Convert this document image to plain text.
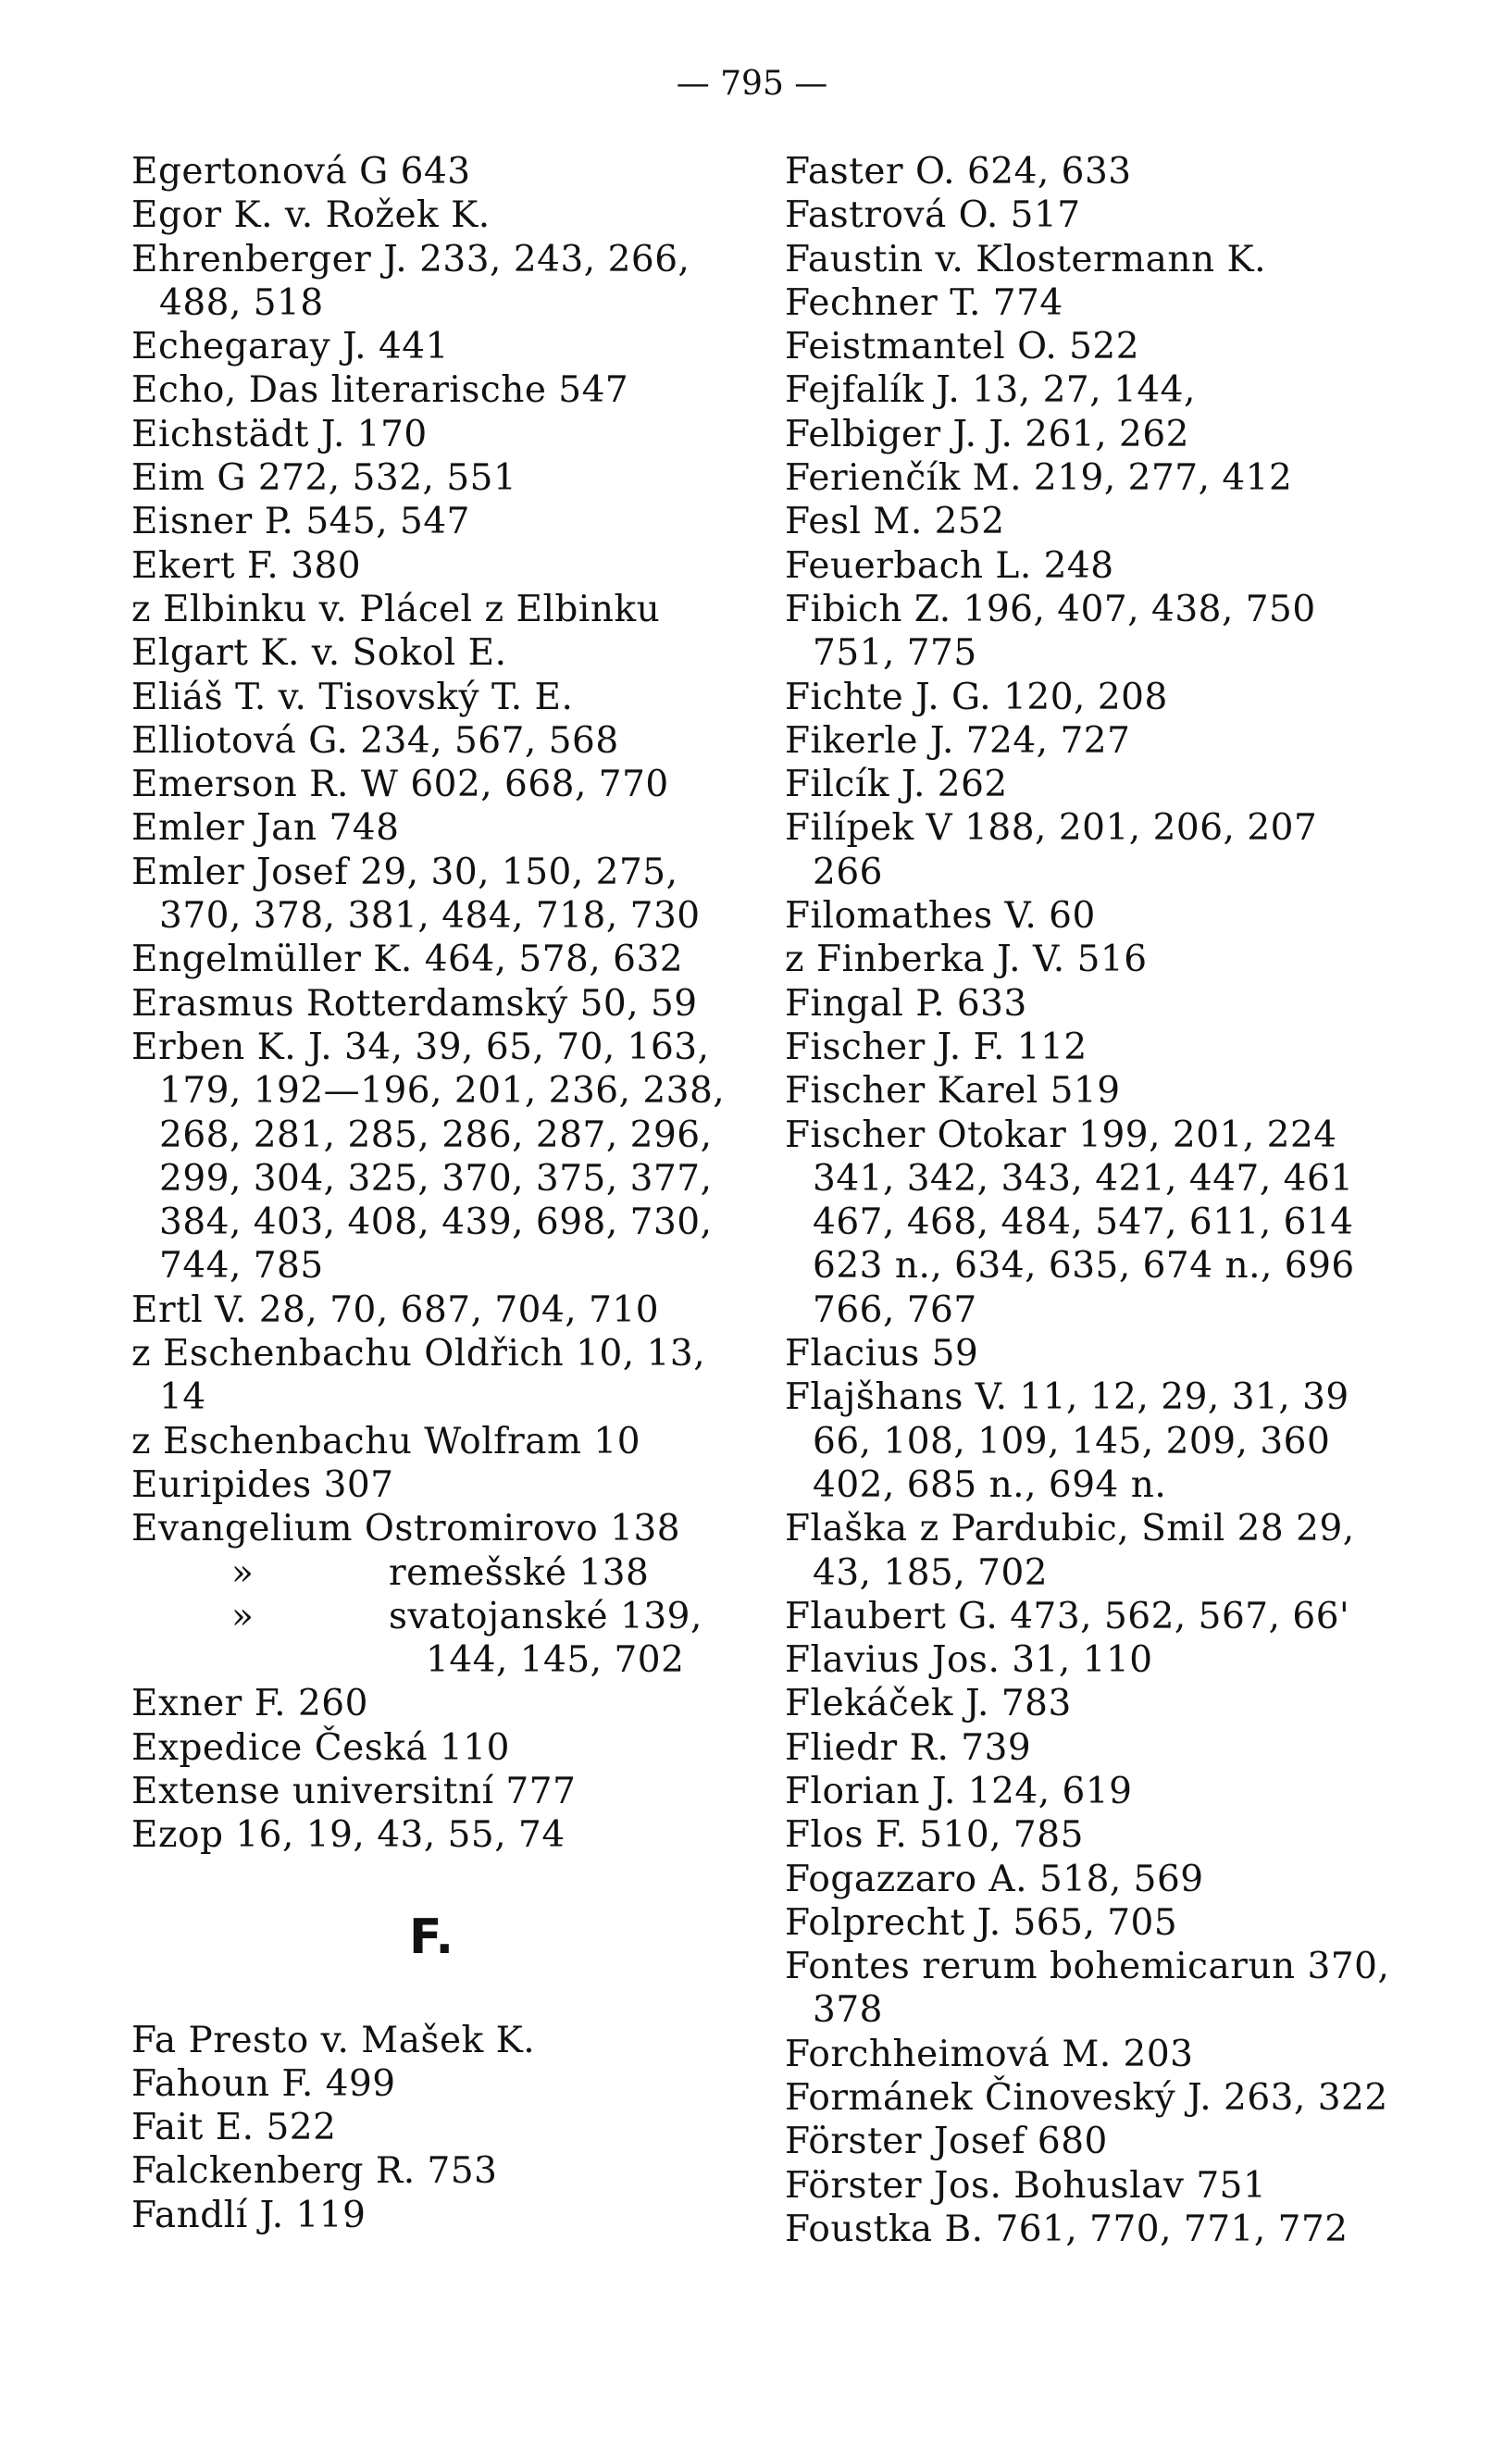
— 795 —
Egertonová G 643
Egor K. v. Rožek K.
Ehrenberger J. 233, 243, 266, 488, 518
Echegaray J. 441
Echo, Das literarische 547
Eichstädt J. 170
Eim G 272, 532, 551
Eisner P. 545, 547
Ekert F. 380
z Elbinku v. Plácel z Elbinku
Elgart K. v. Sokol E.
Eliáš T. v. Tisovský T. E.
Elliotová G. 234, 567, 568
Emerson R. W 602, 668, 770
Emler Jan 748
Emler Josef 29, 30, 150, 275, 370, 378, 381, 484, 718, 730
Engelmüller K. 464, 578, 632
Erasmus Rotterdamský 50, 59
Erben K. J. 34, 39, 65, 70, 163, 179, 192—196, 201, 236, 238, 268, 281, 285, 286, 287, 296, 299, 304, 325, 370, 375, 377, 384, 403, 408, 439, 698, 730, 744, 785
Ertl V. 28, 70, 687, 704, 710
z Eschenbachu Oldřich 10, 13, 14
z Eschenbachu Wolfram 10
Euripides 307
Evangelium Ostromirovo 138
»	remešské 138
»	svatojanské 139,
144, 145, 702
Exner F. 260
Expedice Česká 110
Extense universitní 777
Ezop 16, 19, 43, 55, 74
F.
Fa Presto v. Mašek K.
Fahoun F. 499
Fait E. 522
Falckenberg R. 753
Fandlí J. 119
Faster O. 624, 633
Fastrová O. 517
Faustin v. Klostermann K.
Fechner T. 774
Feistmantel O. 522
Fejfalík J. 13, 27, 144,
Felbiger J. J. 261, 262
Ferienčík M. 219, 277, 412
Fesl M. 252
Feuerbach L. 248
Fibich Z. 196, 407, 438, 750 751, 775
Fichte J. G. 120, 208
Fikerle J. 724, 727
Filcík J. 262
Filípek V 188, 201, 206, 207 266
Filomathes V. 60
z Finberka J. V. 516
Fingal P. 633
Fischer J. F. 112
Fischer Karel 519
Fischer Otokar 199, 201, 224 341, 342, 343, 421, 447, 461 467, 468, 484, 547, 611, 614 623 n., 634, 635, 674 n., 696 766, 767
Flacius 59
Flajšhans V. 11, 12, 29, 31, 39 66, 108, 109, 145, 209, 360 402, 685 n., 694 n.
Flaška z Pardubic, Smil 28 29, 43, 185, 702
Flaubert G. 473, 562, 567, 66'
Flavius Jos. 31, 110
Flekáček J. 783
Fliedr R. 739
Florian J. 124, 619
Flos F. 510, 785
Fogazzaro A. 518, 569
Folprecht J. 565, 705
Fontes rerum bohemicarun 370, 378
Forchheimová M. 203
Formánek Činoveský J. 263, 322
Förster Josef 680
Förster Jos. Bohuslav 751
Foustka B. 761, 770, 771, 772
